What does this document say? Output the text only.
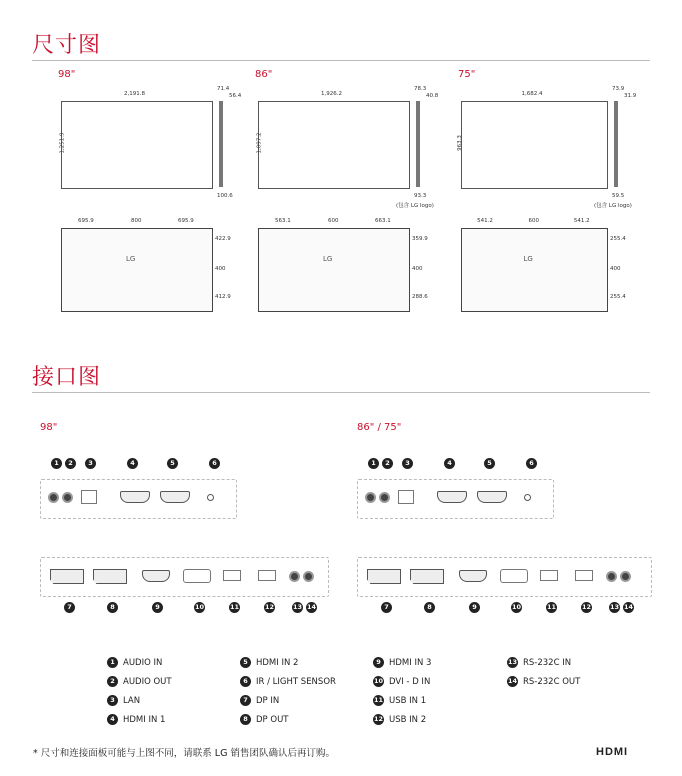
尺寸图
接口图
98"	86" / 75"
* 尺寸和连接面板可能与上图不同，请联系 LG 销售团队确认后再订购。	HDMI
98"
2,191.8
1,251.9
71.4
56.4
100.6
LG
695.9	800	695.9
422.9
400
412.9
86"
1,926.2
1,097.2
78.3
40.8
93.3
(包含 LG logo)
LG
563.1	600	663.1
359.9
400
288.6
75"
1,682.4
963.3
73.9
31.9
59.5
(包含 LG logo)
LG
541.2	600	541.2
255.4
400
255.4
1	2	3	4	5	6
7	8	9	10	11	12	13 14
1	2	3	4	5	6
7	8	9	10	11	12	13 14
1 AUDIO IN
2 AUDIO OUT
3 LAN
4 HDMI IN 1
5 HDMI IN 2
6 IR / LIGHT SENSOR
7 DP IN
8 DP OUT
9 HDMI IN 3
10 DVI - D IN
11 USB IN 1
12 USB IN 2
13 RS-232C IN
14 RS-232C OUT
